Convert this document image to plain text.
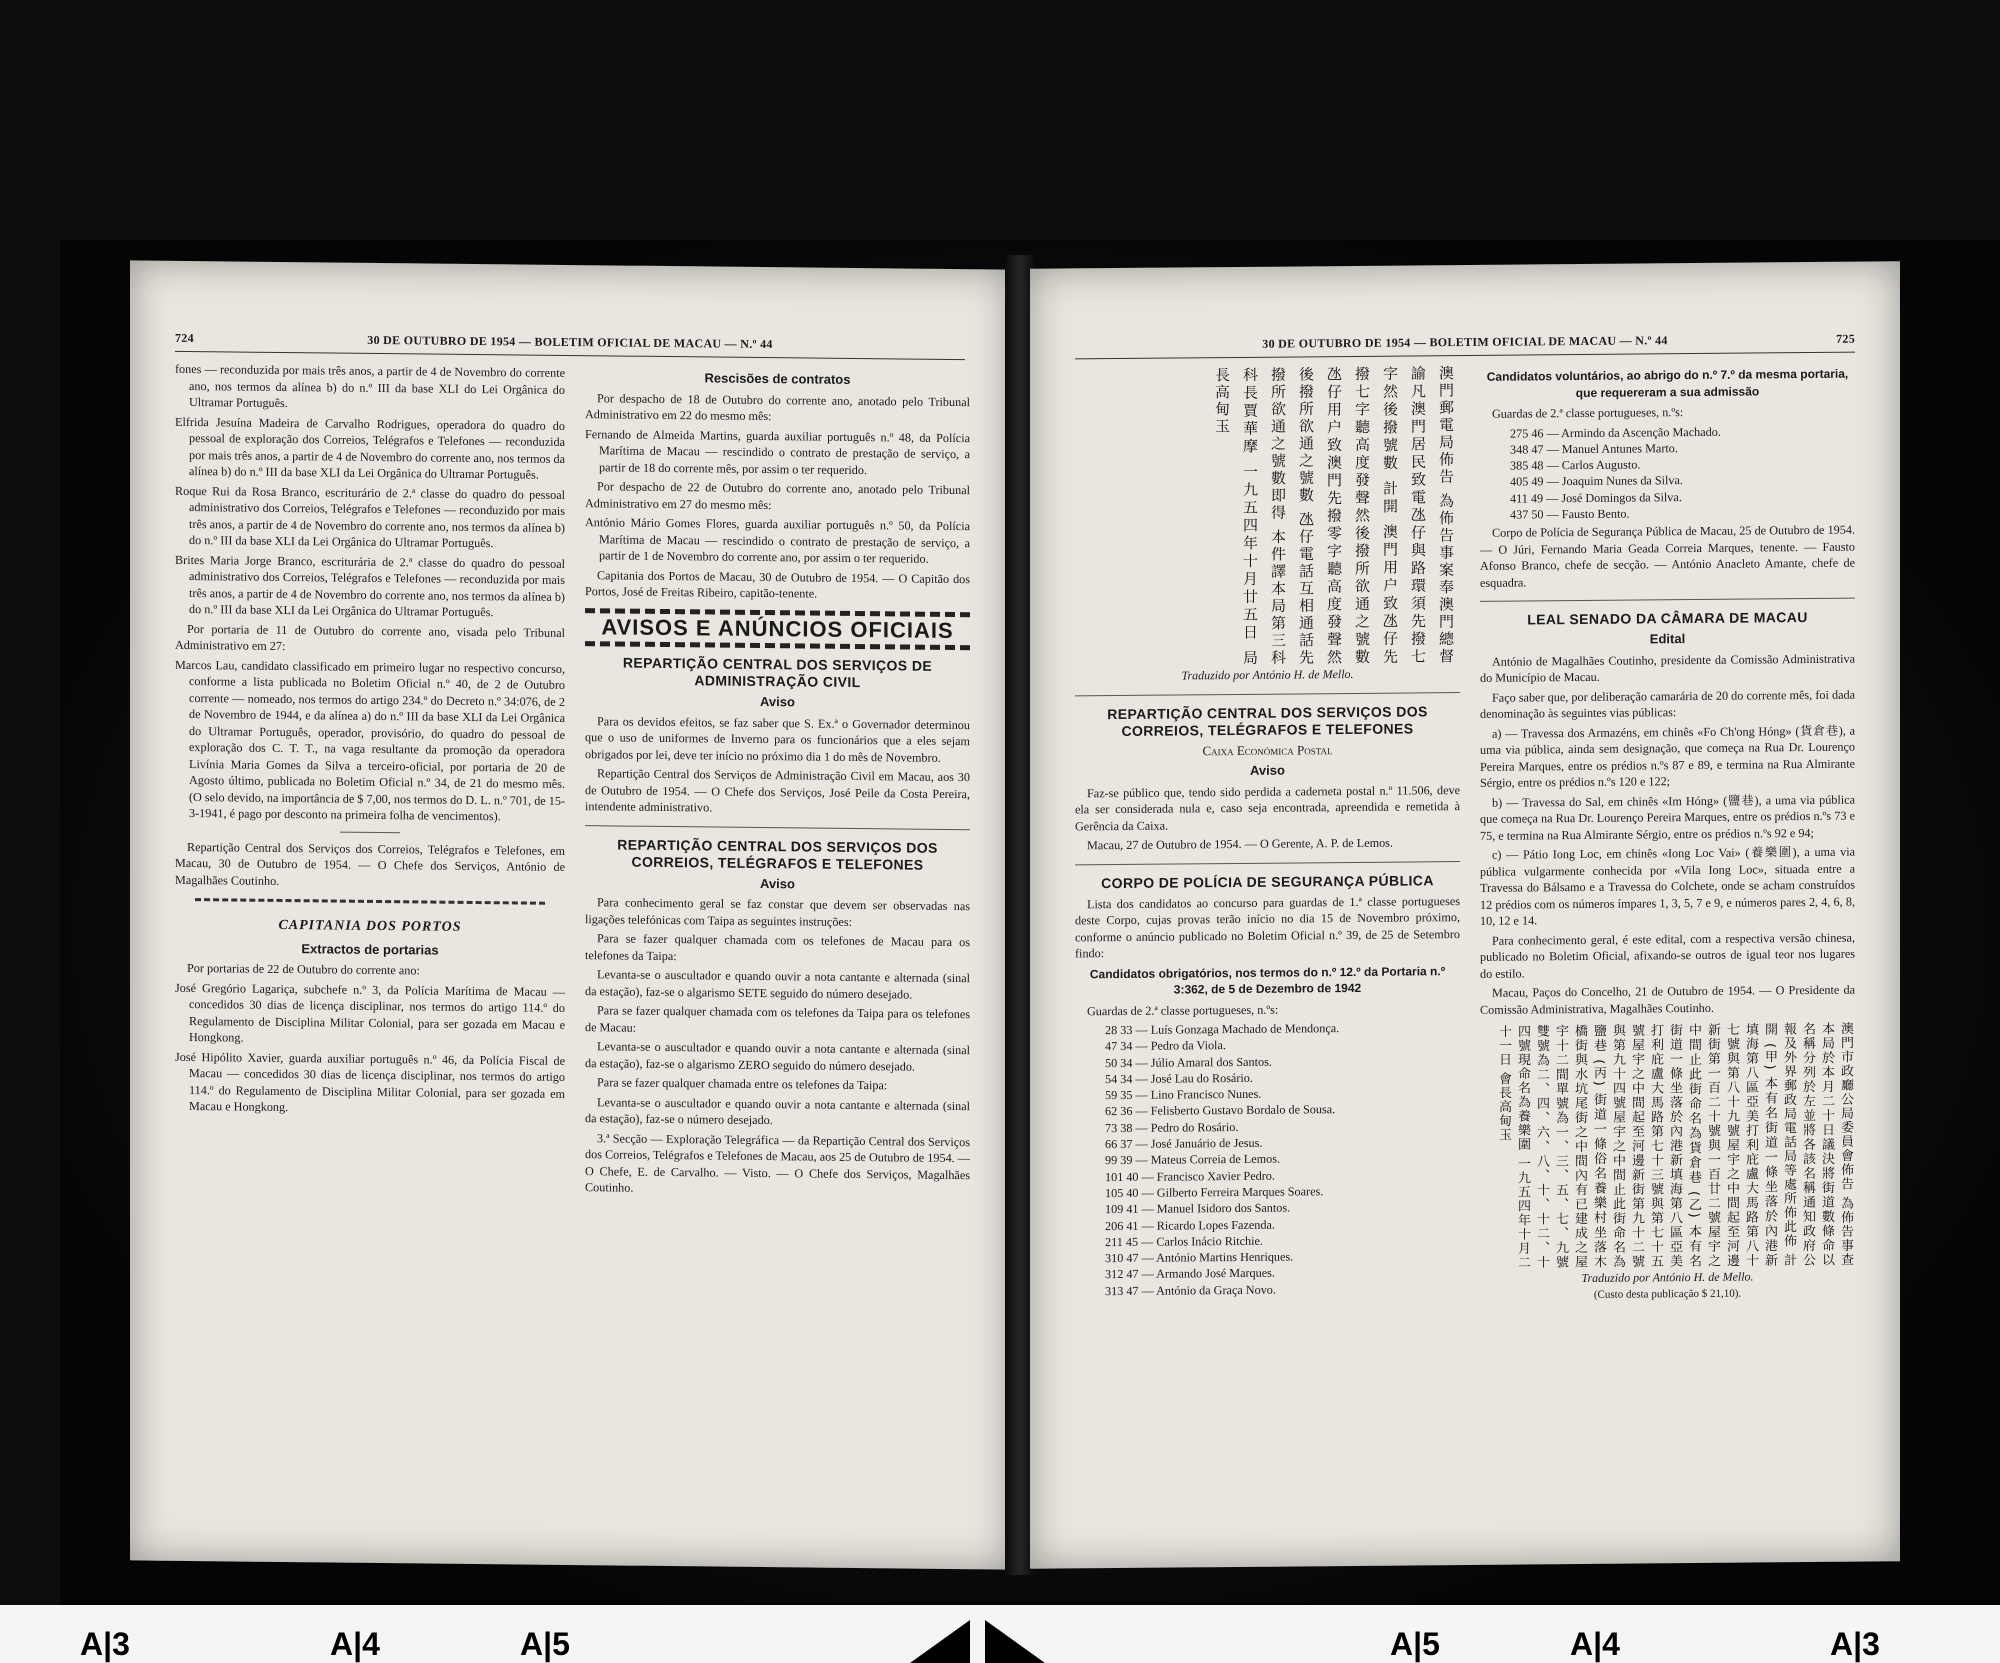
724	30 DE OUTUBRO DE 1954 — BOLETIM OFICIAL DE MACAU — N.º 44

fones — reconduzida por mais três anos, a partir de 4 de Novembro do corrente ano, nos termos da alínea b) do n.º III da base XLI do Lei Orgânica do Ultramar Português.

Elfrida Jesuína Madeira de Carvalho Rodrigues, operadora do quadro do pessoal de exploração dos Correios, Telégrafos e Telefones — reconduzida por mais três anos, a partir de 4 de Novembro do corrente ano, nos termos da alínea b) do n.º III da base XLI da Lei Orgânica do Ultramar Português.

Roque Rui da Rosa Branco, escriturário de 2.ª classe do quadro do pessoal administrativo dos Correios, Telégrafos e Telefones — reconduzido por mais três anos, a partir de 4 de Novembro do corrente ano, nos termos da alínea b) do n.º III da base XLI da Lei Orgânica do Ultramar Português.

Brites Maria Jorge Branco, escriturária de 2.ª classe do quadro do pessoal administrativo dos Correios, Telégrafos e Telefones — reconduzida por mais três anos, a partir de 4 de Novembro do corrente ano, nos termos da alínea b) do n.º III da base XLI da Lei Orgânica do Ultramar Português.

Por portaria de 11 de Outubro do corrente ano, visada pelo Tribunal Administrativo em 27:

Marcos Lau, candidato classificado em primeiro lugar no respectivo concurso, conforme a lista publicada no Boletim Oficial n.º 40, de 2 de Outubro corrente — nomeado, nos termos do artigo 234.º do Decreto n.º 34:076, de 2 de Novembro de 1944, e da alínea a) do n.º III da base XLI da Lei Orgânica do Ultramar Português, operador, provisório, do quadro do pessoal de exploração dos C. T. T., na vaga resultante da promoção da operadora Livínia Maria Gomes da Silva a terceiro-oficial, por portaria de 20 de Agosto último, publicada no Boletim Oficial n.º 34, de 21 do mesmo mês. (O selo devido, na importância de $ 7,00, nos termos do D. L. n.º 701, de 15-3-1941, é pago por desconto na primeira folha de vencimentos).

Repartição Central dos Serviços dos Correios, Telégrafos e Telefones, em Macau, 30 de Outubro de 1954. — O Chefe dos Serviços, António de Magalhães Coutinho.

CAPITANIA DOS PORTOS
Extractos de portarias

Por portarias de 22 de Outubro do corrente ano:

José Gregório Lagariça, subchefe n.º 3, da Polícia Marítima de Macau — concedidos 30 dias de licença disciplinar, nos termos do artigo 114.º do Regulamento de Disciplina Militar Colonial, para ser gozada em Macau e Hongkong.

José Hipólito Xavier, guarda auxiliar português n.º 46, da Polícia Fiscal de Macau — concedidos 30 dias de licença disciplinar, nos termos do artigo 114.º do Regulamento de Disciplina Militar Colonial, para ser gozada em Macau e Hongkong.

Rescisões de contratos

Por despacho de 18 de Outubro do corrente ano, anotado pelo Tribunal Administrativo em 22 do mesmo mês:

Fernando de Almeida Martins, guarda auxiliar português n.º 48, da Polícia Marítima de Macau — rescindido o contrato de prestação de serviço, a partir de 18 do corrente mês, por assim o ter requerido.

Por despacho de 22 de Outubro do corrente ano, anotado pelo Tribunal Administrativo em 27 do mesmo mês:

António Mário Gomes Flores, guarda auxiliar português n.º 50, da Polícia Marítima de Macau — rescindido o contrato de prestação de serviço, a partir de 1 de Novembro do corrente ano, por assim o ter requerido.

Capitania dos Portos de Macau, 30 de Outubro de 1954. — O Capitão dos Portos, José de Freitas Ribeiro, capitão-tenente.

AVISOS E ANÚNCIOS OFICIAIS
REPARTIÇÃO CENTRAL DOS SERVIÇOS DE ADMINISTRAÇÃO CIVIL
Aviso

Para os devidos efeitos, se faz saber que S. Ex.ª o Governador determinou que o uso de uniformes de Inverno para os funcionários que a eles sejam obrigados por lei, deve ter início no próximo dia 1 do mês de Novembro.

Repartição Central dos Serviços de Administração Civil em Macau, aos 30 de Outubro de 1954. — O Chefe dos Serviços, José Peile da Costa Pereira, intendente administrativo.

REPARTIÇÃO CENTRAL DOS SERVIÇOS DOS CORREIOS, TELÉGRAFOS E TELEFONES
Aviso

Para conhecimento geral se faz constar que devem ser observadas nas ligações telefónicas com Taipa as seguintes instruções:

Para se fazer qualquer chamada com os telefones de Macau para os telefones da Taipa:

Levanta-se o auscultador e quando ouvir a nota cantante e alternada (sinal da estação), faz-se o algarismo SETE seguido do número desejado.

Para se fazer qualquer chamada com os telefones da Taipa para os telefones de Macau:

Levanta-se o auscultador e quando ouvir a nota cantante e alternada (sinal da estação), faz-se o algarismo ZERO seguido do número desejado.

Para se fazer qualquer chamada entre os telefones da Taipa:

Levanta-se o auscultador e quando ouvir a nota cantante e alternada (sinal da estação), faz-se o número desejado.

3.ª Secção — Exploração Telegráfica — da Repartição Central dos Serviços dos Correios, Telégrafos e Telefones de Macau, aos 25 de Outubro de 1954. — O Chefe, E. de Carvalho. — Visto. — O Chefe dos Serviços, Magalhães Coutinho.

30 DE OUTUBRO DE 1954 — BOLETIM OFICIAL DE MACAU — N.º 44	725
澳門郵電局佈告 為佈告事案奉澳門總督諭凡澳門居民致電氹仔與路環須先撥七字然後撥號數 計開 澳門用户致氹仔先撥七字聽高度發聲然後撥所欲通之號數 氹仔用户致澳門先撥零字聽高度發聲然後撥所欲通之號數 氹仔電話互相通話先撥所欲通之號數即得 本件譯本局第三科科長賈華摩 一九五四年十月廿五日 局長高甸玉
Traduzido por António H. de Mello.
REPARTIÇÃO CENTRAL DOS SERVIÇOS DOS CORREIOS, TELÉGRAFOS E TELEFONES
Caixa Económica Postal
Aviso

Faz-se público que, tendo sido perdida a caderneta postal n.º 11.506, deve ela ser considerada nula e, caso seja encontrada, apreendida e remetida à Gerência da Caixa.

Macau, 27 de Outubro de 1954. — O Gerente, A. P. de Lemos.

CORPO DE POLÍCIA DE SEGURANÇA PÚBLICA

Lista dos candidatos ao concurso para guardas de 1.ª classe portugueses deste Corpo, cujas provas terão início no dia 15 de Novembro próximo, conforme o anúncio publicado no Boletim Oficial n.º 39, de 25 de Setembro findo:

Candidatos obrigatórios, nos termos do n.º 12.º da Portaria n.º 3:362, de 5 de Dezembro de 1942

Guardas de 2.ª classe portugueses, n.ºs:

28 33 — Luís Gonzaga Machado de Mendonça.
47 34 — Pedro da Viola.
50 34 — Júlio Amaral dos Santos.
54 34 — José Lau do Rosário.
59 35 — Lino Francisco Nunes.
62 36 — Felisberto Gustavo Bordalo de Sousa.
73 38 — Pedro do Rosário.
66 37 — José Januário de Jesus.
99 39 — Mateus Correia de Lemos.
101 40 — Francisco Xavier Pedro.
105 40 — Gilberto Ferreira Marques Soares.
109 41 — Manuel Isidoro dos Santos.
206 41 — Ricardo Lopes Fazenda.
211 45 — Carlos Inácio Ritchie.
310 47 — António Martins Henriques.
312 47 — Armando José Marques.
313 47 — António da Graça Novo.
Candidatos voluntários, ao abrigo do n.º 7.º da mesma portaria, que requereram a sua admissão

Guardas de 2.ª classe portugueses, n.ºs:

275 46 — Armindo da Ascenção Machado.
348 47 — Manuel Antunes Marto.
385 48 — Carlos Augusto.
405 49 — Joaquim Nunes da Silva.
411 49 — José Domingos da Silva.
437 50 — Fausto Bento.

Corpo de Polícia de Segurança Pública de Macau, 25 de Outubro de 1954. — O Júri, Fernando Maria Geada Correia Marques, tenente. — Fausto Afonso Branco, chefe de secção. — António Anacleto Amante, chefe de esquadra.

LEAL SENADO DA CÂMARA DE MACAU
Edital

António de Magalhães Coutinho, presidente da Comissão Administrativa do Município de Macau.

Faço saber que, por deliberação camarária de 20 do corrente mês, foi dada denominação às seguintes vias públicas:

a) — Travessa dos Armazéns, em chinês «Fo Ch'ong Hóng» (貨倉巷), a uma via pública, ainda sem designação, que começa na Rua Dr. Lourenço Pereira Marques, entre os prédios n.ºs 87 e 89, e termina na Rua Almirante Sérgio, entre os prédios n.ºs 120 e 122;

b) — Travessa do Sal, em chinês «Im Hóng» (鹽巷), a uma via pública que começa na Rua Dr. Lourenço Pereira Marques, entre os prédios n.ºs 73 e 75, e termina na Rua Almirante Sérgio, entre os prédios n.ºs 92 e 94;

c) — Pátio Iong Loc, em chinês «Iong Loc Vai» (養樂圍), a uma via pública vulgarmente conhecida por «Vila Iong Loc», situada entre a Travessa do Bálsamo e a Travessa do Colchete, onde se acham construídos 12 prédios com os números ímpares 1, 3, 5, 7 e 9, e números pares 2, 4, 6, 8, 10, 12 e 14.

Para conhecimento geral, é este edital, com a respectiva versão chinesa, publicado no Boletim Oficial, afixando-se outros de igual teor nos lugares do estilo.

Macau, Paços do Concelho, 21 de Outubro de 1954. — O Presidente da Comissão Administrativa, Magalhães Coutinho.

澳門市政廳公局委員會佈告 為佈告事查本局於本月二十日議決將街道數條命以名稱分列於左並將各該名稱通知政府公報及外界郵政局電話局等處所佈此佈 計開 (甲) 本有名街道一條坐落於內港新填海第八區亞美打利庇盧大馬路第八十七號與第八十九號屋宇之中間起至河邊新街第一百二十號與一百廿二號屋宇之中間止此街命名為貨倉巷 (乙) 本有名街道一條坐落於內港新填海第八區亞美打利庇盧大馬路第七十三號與第七十五號屋宇之中間起至河邊新街第九十二號與第九十四號屋宇之中間止此街命名為鹽巷 (丙) 街道一條俗名養樂村坐落木橋街與水坑尾街之中間內有已建成之屋宇十二間單號為一、三、五、七、九號雙號為二、四、六、八、十、十二、十四號現命名為養樂圍 一九五四年十月二十一日 會長高甸玉
Traduzido por António H. de Mello.
(Custo desta publicação $ 21,10).
A|3	A|4	A|5	A|5	A|4	A|3
